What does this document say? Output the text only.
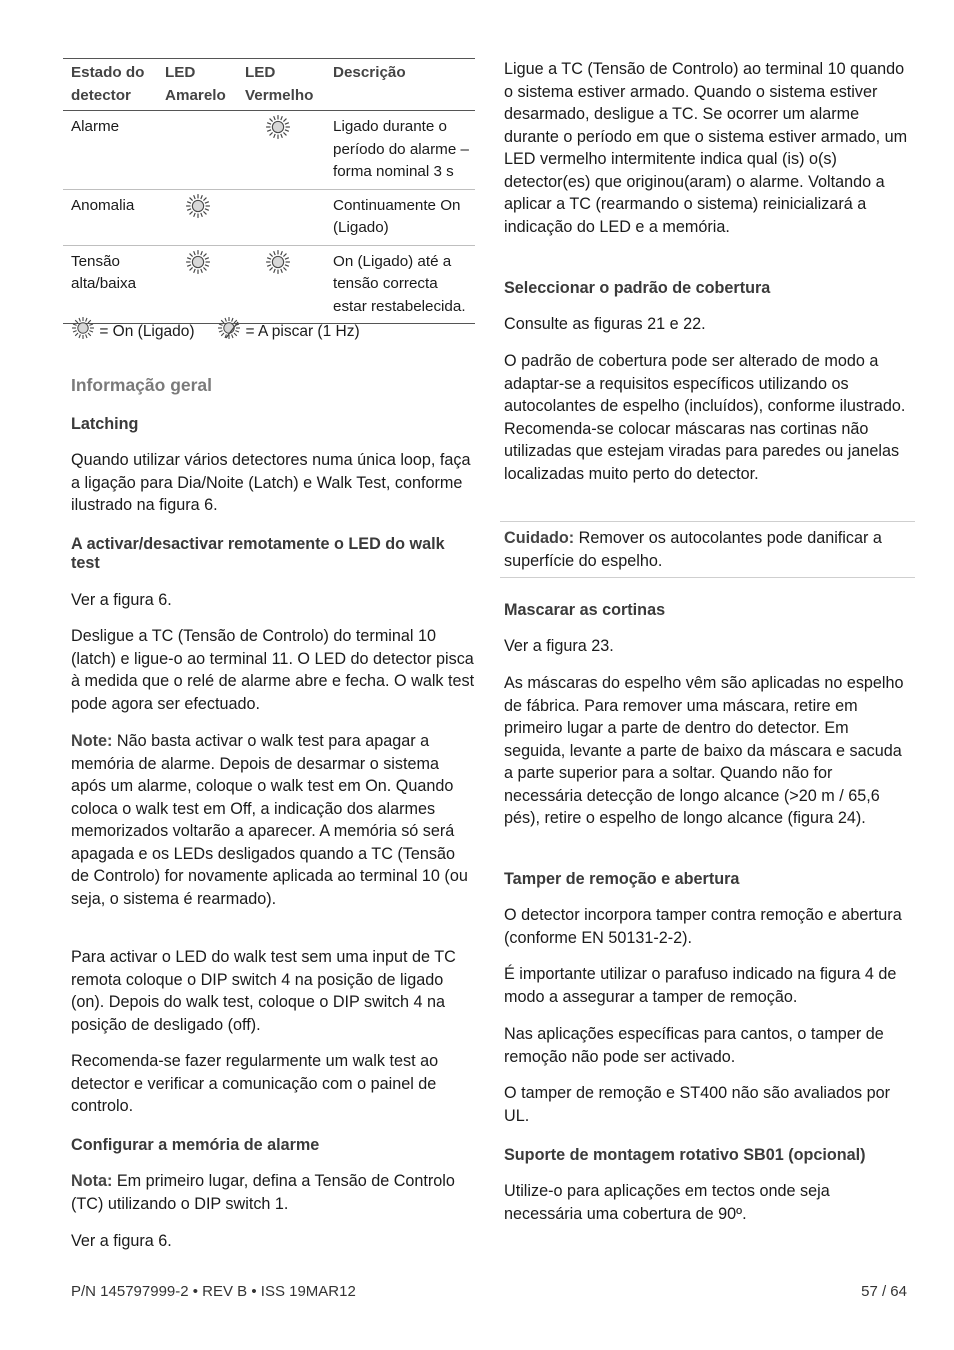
Estado do detector	LED Amarelo	LED Vermelho	Descrição
Alarme			Ligado durante o período do alarme – forma nominal 3 s
Anomalia			Continuamente On (Ligado)
Tensão alta/baixa			On (Ligado) até a tensão correcta estar restabelecida.
= On (Ligado)	= A piscar (1 Hz)
Informação geral
Latching

Quando utilizar vários detectores numa única loop, faça a ligação para Dia/Noite (Latch) e Walk Test, conforme ilustrado na figura 6.

A activar/desactivar remotamente o LED do walk test

Ver a figura 6.

Desligue a TC (Tensão de Controlo) do terminal 10 (latch) e ligue-o ao terminal 11. O LED do detector pisca à medida que o relé de alarme abre e fecha. O walk test pode agora ser efectuado.

Note: Não basta activar o walk test para apagar a memória de alarme. Depois de desarmar o sistema após um alarme, coloque o walk test em On. Quando coloca o walk test em Off, a indicação dos alarmes memorizados voltarão a aparecer. A memória só será apagada e os LEDs desligados quando a TC (Tensão de Controlo) for novamente aplicada ao terminal 10 (ou seja, o sistema é rearmado).

Para activar o LED do walk test sem uma input de TC remota coloque o DIP switch 4 na posição de ligado (on). Depois do walk test, coloque o DIP switch 4 na posição de desligado (off).

Recomenda-se fazer regularmente um walk test ao detector e verificar a comunicação com o painel de controlo.

Configurar a memória de alarme

Nota: Em primeiro lugar, defina a Tensão de Controlo (TC) utilizando o DIP switch 1.

Ver a figura 6.

P/N 145797999-2 • REV B • ISS 19MAR12

Ligue a TC (Tensão de Controlo) ao terminal 10 quando o sistema estiver armado. Quando o sistema estiver desarmado, desligue a TC. Se ocorrer um alarme durante o período em que o sistema estiver armado, um LED vermelho intermitente indica qual (is) o(s) detector(es) que originou(aram) o alarme. Voltando a aplicar a TC (rearmando o sistema) reinicializará a indicação do LED e a memória.

Seleccionar o padrão de cobertura

Consulte as figuras 21 e 22.

O padrão de cobertura pode ser alterado de modo a adaptar-se a requisitos específicos utilizando os autocolantes de espelho (incluídos), conforme ilustrado. Recomenda-se colocar máscaras nas cortinas não utilizadas que estejam viradas para paredes ou janelas localizadas muito perto do detector.

Cuidado: Remover os autocolantes pode danificar a superfície do espelho.

Mascarar as cortinas

Ver a figura 23.

As máscaras do espelho vêm são aplicadas no espelho de fábrica. Para remover uma máscara, retire em primeiro lugar a parte de dentro do detector. Em seguida, levante a parte de baixo da máscara e sacuda a parte superior para a soltar. Quando não for necessária detecção de longo alcance (>20 m / 65,6 pés), retire o espelho de longo alcance (figura 24).

Tamper de remoção e abertura

O detector incorpora tamper contra remoção e abertura (conforme EN 50131-2-2).

É importante utilizar o parafuso indicado na figura 4 de modo a assegurar a tamper de remoção.

Nas aplicações específicas para cantos, o tamper de remoção não pode ser activado.

O tamper de remoção e ST400 não são avaliados por UL.

Suporte de montagem rotativo SB01 (opcional)

Utilize-o para aplicações em tectos onde seja necessária uma cobertura de 90º.

57 / 64
